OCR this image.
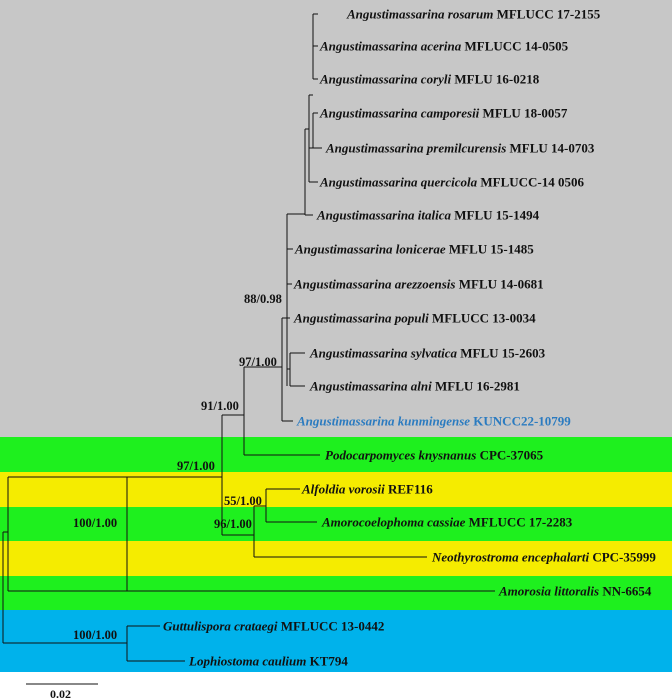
88/0.98
97/1.00
91/1.00
97/1.00
55/1.00
96/1.00
100/1.00
100/1.00
Angustimassarina rosarum MFLUCC 17-2155
Angustimassarina acerina MFLUCC 14-0505
Angustimassarina coryli MFLU 16-0218
Angustimassarina camporesii MFLU 18-0057
Angustimassarina premilcurensis MFLU 14-0703
Angustimassarina quercicola MFLUCC-14 0506
Angustimassarina italica MFLU 15-1494
Angustimassarina lonicerae MFLU 15-1485
Angustimassarina arezzoensis MFLU 14-0681
Angustimassarina populi MFLUCC 13-0034
Angustimassarina sylvatica MFLU 15-2603
Angustimassarina alni MFLU 16-2981
Angustimassarina kunmingense KUNCC22-10799
Podocarpomyces knysnanus CPC-37065
Alfoldia vorosii REF116
Amorocoelophoma cassiae MFLUCC 17-2283
Neothyrostroma encephalarti CPC-35999
Amorosia littoralis NN-6654
Guttulispora crataegi MFLUCC 13-0442
Lophiostoma caulium KT794
0.02
